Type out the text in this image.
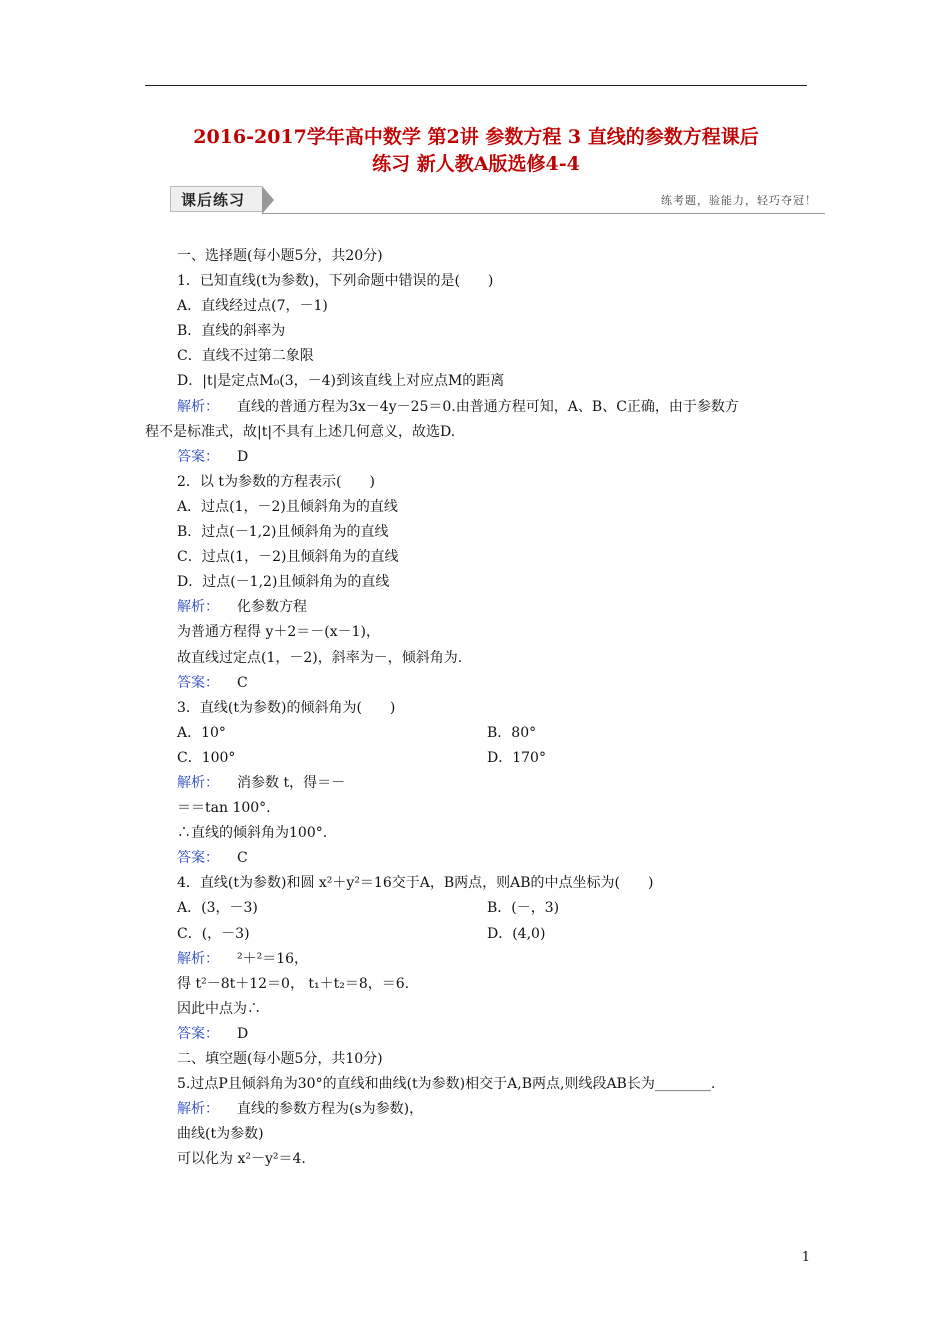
2016-2017学年高中数学 第2讲 参数方程 3 直线的参数方程课后
练习 新人教A版选修4-4
课后练习	练考题，验能力，轻巧夺冠！
一、选择题(每小题5分，共20分)
1．已知直线(t为参数)，下列命题中错误的是(　　)
A．直线经过点(7，－1)
B．直线的斜率为
C．直线不过第二象限
D．|t|是定点M₀(3，－4)到该直线上对应点M的距离
解析： 直线的普通方程为3x－4y－25＝0.由普通方程可知，A、B、C正确，由于参数方
程不是标准式，故|t|不具有上述几何意义，故选D.
答案： D
2．以 t为参数的方程表示(　　)
A．过点(1，－2)且倾斜角为的直线
B．过点(－1,2)且倾斜角为的直线
C．过点(1，－2)且倾斜角为的直线
D．过点(－1,2)且倾斜角为的直线
解析： 化参数方程
为普通方程得 y＋2＝－(x－1)，
故直线过定点(1，－2)，斜率为－，倾斜角为.
答案： C
3．直线(t为参数)的倾斜角为(　　)
A．10°	B．80°
C．100°	D．170°
解析： 消参数 t，得＝－
＝＝tan 100°.
∴直线的倾斜角为100°.
答案： C
4．直线(t为参数)和圆 x²＋y²＝16交于A，B两点，则AB的中点坐标为(　　)
A．(3，－3)	B．(－，3)
C．(，－3)	D．(4,0)
解析： ²＋²＝16，
得 t²－8t＋12＝0， t₁＋t₂＝8，＝6.
因此中点为∴
答案： D
二、填空题(每小题5分，共10分)
5.过点P且倾斜角为30°的直线和曲线(t为参数)相交于A,B两点,则线段AB长为________.
解析： 直线的参数方程为(s为参数)，
曲线(t为参数)
可以化为 x²－y²＝4.
1
